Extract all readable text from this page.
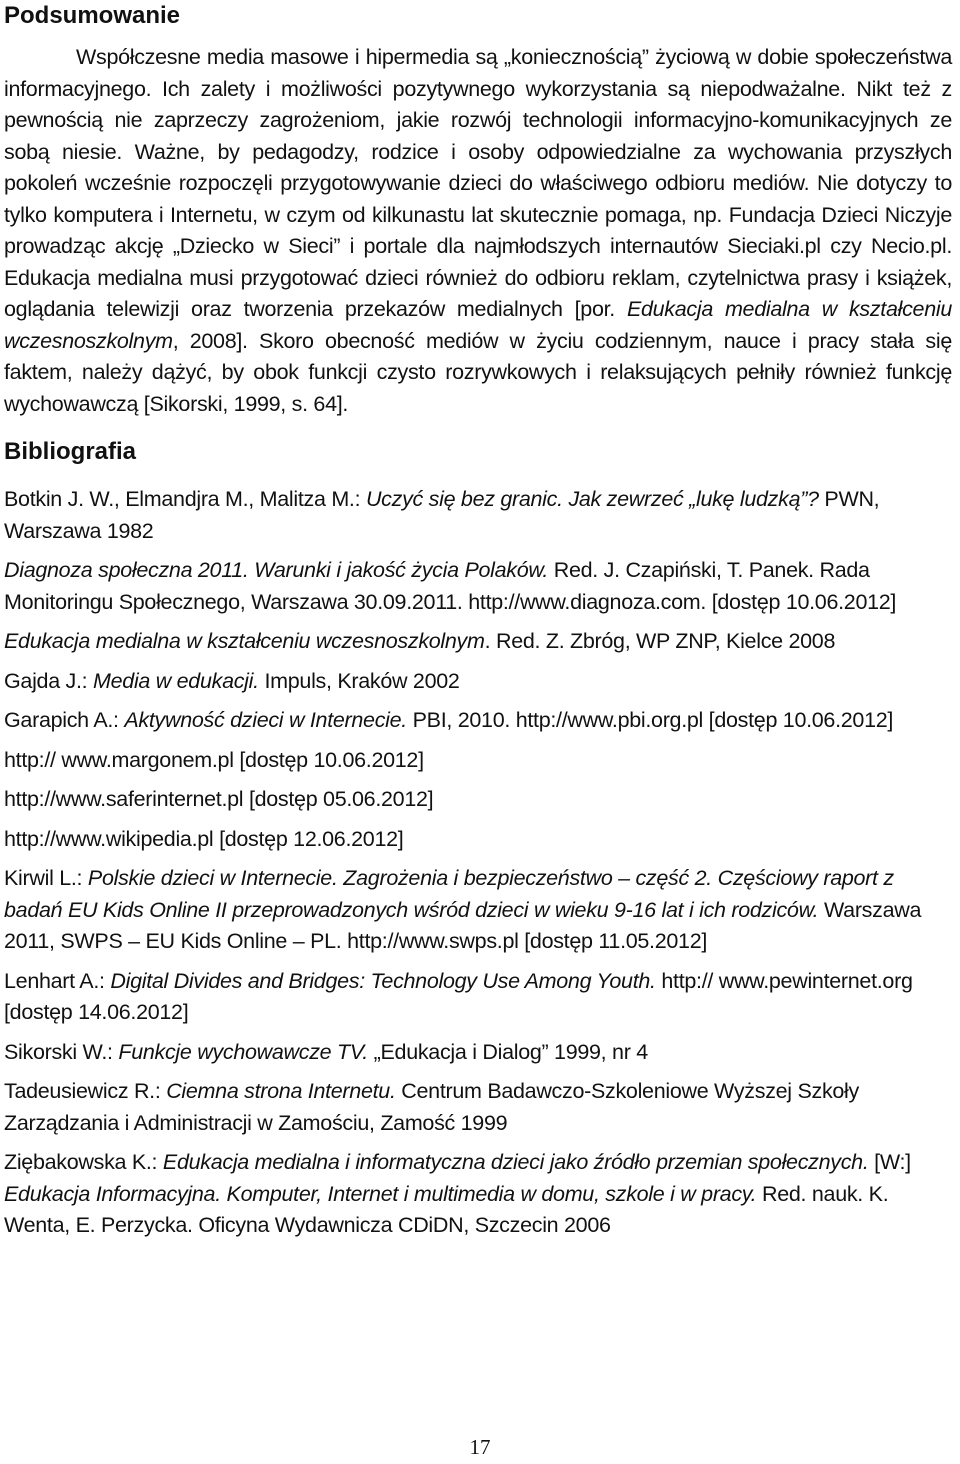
Podsumowanie

Współczesne media masowe i hipermedia są „koniecznością” życiową w dobie społeczeństwa informacyjnego. Ich zalety i możliwości pozytywnego wykorzystania są niepodważalne. Nikt też z pewnością nie zaprzeczy zagrożeniom, jakie rozwój technologii informacyjno-komunikacyjnych ze sobą niesie. Ważne, by pedagodzy, rodzice i osoby odpowiedzialne za wychowania przyszłych pokoleń wcześnie rozpoczęli przygotowywanie dzieci do właściwego odbioru mediów. Nie dotyczy to tylko komputera i Internetu, w czym od kilkunastu lat skutecznie pomaga, np. Fundacja Dzieci Niczyje prowadząc akcję „Dziecko w Sieci” i portale dla najmłodszych internautów Sieciaki.pl czy Necio.pl. Edukacja medialna musi przygotować dzieci również do odbioru reklam, czytelnictwa prasy i książek, oglądania telewizji oraz tworzenia przekazów medialnych [por. Edukacja medialna w kształceniu wczesnoszkolnym, 2008]. Skoro obecność mediów w życiu codziennym, nauce i pracy stała się faktem, należy dążyć, by obok funkcji czysto rozrywkowych i relaksujących pełniły również funkcję wychowawczą [Sikorski, 1999, s. 64].

Bibliografia
Botkin J. W., Elmandjra M., Malitza M.: Uczyć się bez granic. Jak zewrzeć „lukę ludzką”? PWN, Warszawa 1982
Diagnoza społeczna 2011. Warunki i jakość życia Polaków. Red. J. Czapiński, T. Panek. Rada Monitoringu Społecznego, Warszawa 30.09.2011. http://www.diagnoza.com. [dostęp 10.06.2012]
Edukacja medialna w kształceniu wczesnoszkolnym. Red. Z. Zbróg, WP ZNP, Kielce 2008
Gajda J.: Media w edukacji. Impuls, Kraków 2002
Garapich A.: Aktywność dzieci w Internecie. PBI, 2010. http://www.pbi.org.pl [dostęp 10.06.2012]
http:// www.margonem.pl [dostęp 10.06.2012]
http://www.saferinternet.pl [dostęp 05.06.2012]
http://www.wikipedia.pl [dostęp 12.06.2012]
Kirwil L.: Polskie dzieci w Internecie. Zagrożenia i bezpieczeństwo – część 2. Częściowy raport z badań EU Kids Online II przeprowadzonych wśród dzieci w wieku 9-16 lat i ich rodziców. Warszawa 2011, SWPS – EU Kids Online – PL. http://www.swps.pl [dostęp 11.05.2012]
Lenhart A.: Digital Divides and Bridges: Technology Use Among Youth. http:// www.pewinternet.org [dostęp 14.06.2012]
Sikorski W.: Funkcje wychowawcze TV. „Edukacja i Dialog” 1999, nr 4
Tadeusiewicz R.: Ciemna strona Internetu. Centrum Badawczo-Szkoleniowe Wyższej Szkoły Zarządzania i Administracji w Zamościu, Zamość 1999
Ziębakowska K.: Edukacja medialna i informatyczna dzieci jako źródło przemian społecznych. [W:] Edukacja Informacyjna. Komputer, Internet i multimedia w domu, szkole i w pracy. Red. nauk. K. Wenta, E. Perzycka. Oficyna Wydawnicza CDiDN, Szczecin 2006
17
